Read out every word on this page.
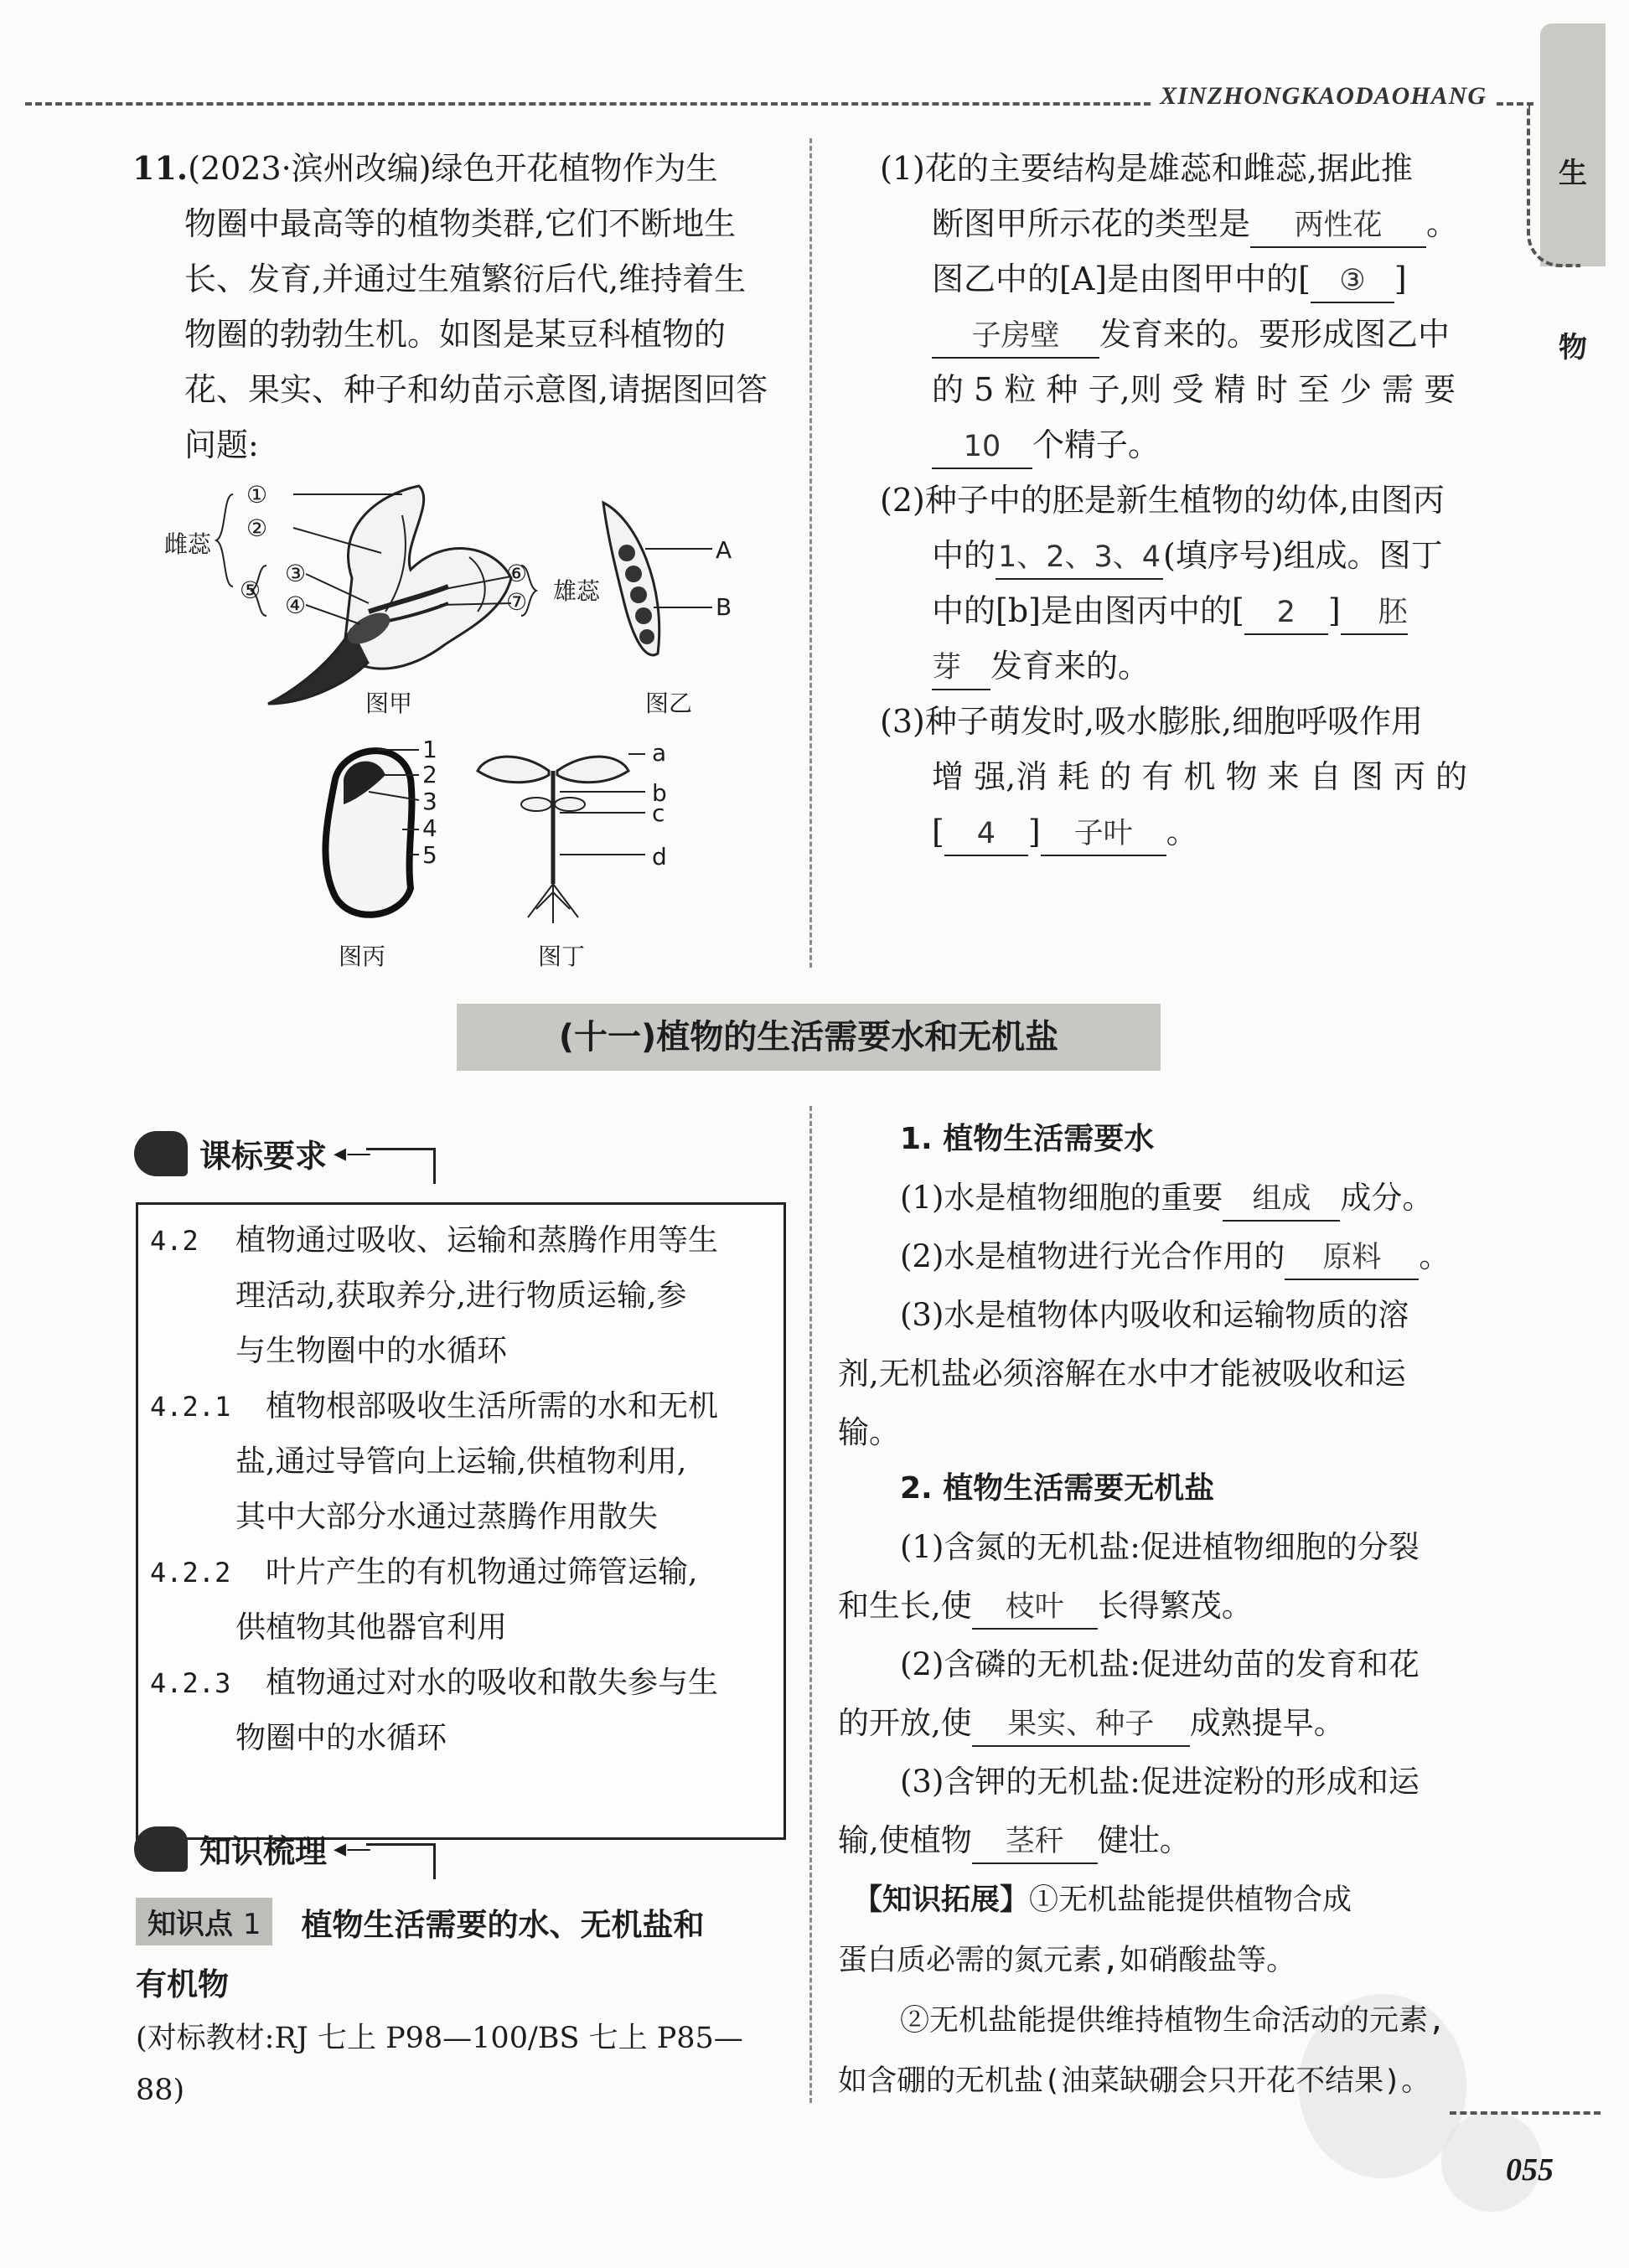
XINZHONGKAODAOHANG
生
物
11.(2023·滨州改编)绿色开花植物作为生
物圈中最高等的植物类群,它们不断地生
长、发育,并通过生殖繁衍后代,维持着生
物圈的勃勃生机。如图是某豆科植物的
花、果实、种子和幼苗示意图,请据图回答
问题:
雌蕊
①
②
③
④
⑤
⑥
⑦ 雄蕊
图甲
A
B
图乙
1
2
3
4
5
图丙
a
b
c
d
图丁
(1)花的主要结构是雄蕊和雌蕊,据此推
断图甲所示花的类型是 两性花 。
图乙中的[A]是由图甲中的[ ③ ]
子房壁 发育来的。要形成图乙中
的 5 粒 种 子,则 受 精 时 至 少 需 要
10 个精子。
(2)种子中的胚是新生植物的幼体,由图丙
中的1、2、3、4(填序号)组成。图丁
中的[b]是由图丙中的[ 2 ] 胚
芽 发育来的。
(3)种子萌发时,吸水膨胀,细胞呼吸作用
增 强,消 耗 的 有 机 物 来 自 图 丙 的
[ 4 ] 子叶 。
(十一)植物的生活需要水和无机盐
课标要求 ◂—
4.2	植物通过吸收、运输和蒸腾作用等生
理活动,获取养分,进行物质运输,参
与生物圈中的水循环
4.2.1	植物根部吸收生活所需的水和无机
盐,通过导管向上运输,供植物利用,
其中大部分水通过蒸腾作用散失
4.2.2	叶片产生的有机物通过筛管运输,
供植物其他器官利用
4.2.3	植物通过对水的吸收和散失参与生
物圈中的水循环
知识梳理 ◂—
知识点 1	植物生活需要的水、无机盐和
有机物
(对标教材:RJ 七上 P98—100/BS 七上 P85—
88)
1. 植物生活需要水
(1)水是植物细胞的重要 组成 成分。
(2)水是植物进行光合作用的 原料 。
(3)水是植物体内吸收和运输物质的溶
剂,无机盐必须溶解在水中才能被吸收和运
输。
2. 植物生活需要无机盐
(1)含氮的无机盐:促进植物细胞的分裂
和生长,使 枝叶 长得繁茂。
(2)含磷的无机盐:促进幼苗的发育和花
的开放,使 果实、种子 成熟提早。
(3)含钾的无机盐:促进淀粉的形成和运
输,使植物 茎秆 健壮。
【知识拓展】①无机盐能提供植物合成
蛋白质必需的氮元素,如硝酸盐等。
②无机盐能提供维持植物生命活动的元素,
如含硼的无机盐(油菜缺硼会只开花不结果)。
055
